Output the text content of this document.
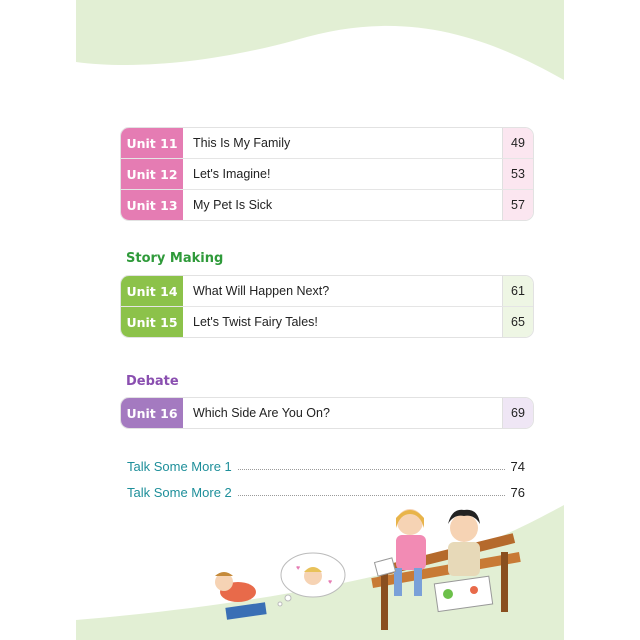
Unit 11	This Is My Family	49
Unit 12	Let's Imagine!	53
Unit 13	My Pet Is Sick	57
Story Making
Unit 14	What Will Happen Next?	61
Unit 15	Let's Twist Fairy Tales!	65
Debate
Unit 16	Which Side Are You On?	69
Talk Some More 1	74
Talk Some More 2	76
♥
♥
